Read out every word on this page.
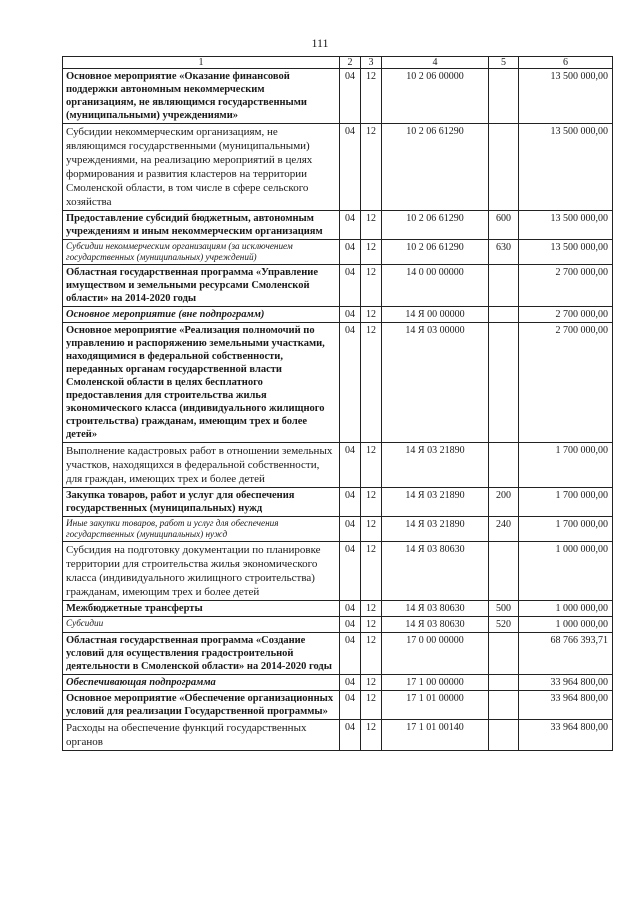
111
1	2	3	4	5	6
Основное мероприятие «Оказание финансовой поддержки автономным некоммерческим организациям, не являющимся государственными (муниципальными) учреждениями»	04	12	10 2 06 00000		13 500 000,00
Субсидии некоммерческим организациям, не являющимся государственными (муниципальными) учреждениями, на реализацию мероприятий в целях формирования и развития кластеров на территории Смоленской области, в том числе в сфере сельского хозяйства	04	12	10 2 06 61290		13 500 000,00
Предоставление субсидий бюджетным, автономным учреждениям и иным некоммерческим организациям	04	12	10 2 06 61290	600	13 500 000,00
Субсидии некоммерческим организациям (за исключением государственных (муниципальных) учреждений)	04	12	10 2 06 61290	630	13 500 000,00
Областная государственная программа «Управление имуществом и земельными ресурсами Смоленской области» на 2014-2020 годы	04	12	14 0 00 00000		2 700 000,00
Основное мероприятие (вне подпрограмм)	04	12	14 Я 00 00000		2 700 000,00
Основное мероприятие «Реализация полномочий по управлению и распоряжению земельными участками, находящимися в федеральной собственности, переданных органам государственной власти Смоленской области в целях бесплатного предоставления для строительства жилья экономического класса (индивидуального жилищного строительства) гражданам, имеющим трех и более детей»	04	12	14 Я 03 00000		2 700 000,00
Выполнение кадастровых работ в отношении земельных участков, находящихся в федеральной собственности, для граждан, имеющих трех и более детей	04	12	14 Я 03 21890		1 700 000,00
Закупка товаров, работ и услуг для обеспечения государственных (муниципальных) нужд	04	12	14 Я 03 21890	200	1 700 000,00
Иные закупки товаров, работ и услуг для обеспечения государственных (муниципальных) нужд	04	12	14 Я 03 21890	240	1 700 000,00
Субсидия на подготовку документации по планировке территории для строительства жилья экономического класса (индивидуального жилищного строительства) гражданам, имеющим трех и более детей	04	12	14 Я 03 80630		1 000 000,00
Межбюджетные трансферты	04	12	14 Я 03 80630	500	1 000 000,00
Субсидии	04	12	14 Я 03 80630	520	1 000 000,00
Областная государственная программа «Создание условий для осуществления градостроительной деятельности в Смоленской области» на 2014-2020 годы	04	12	17 0 00 00000		68 766 393,71
Обеспечивающая подпрограмма	04	12	17 1 00 00000		33 964 800,00
Основное мероприятие «Обеспечение организационных условий для реализации Государственной программы»	04	12	17 1 01 00000		33 964 800,00
Расходы на обеспечение функций государственных органов	04	12	17 1 01 00140		33 964 800,00
